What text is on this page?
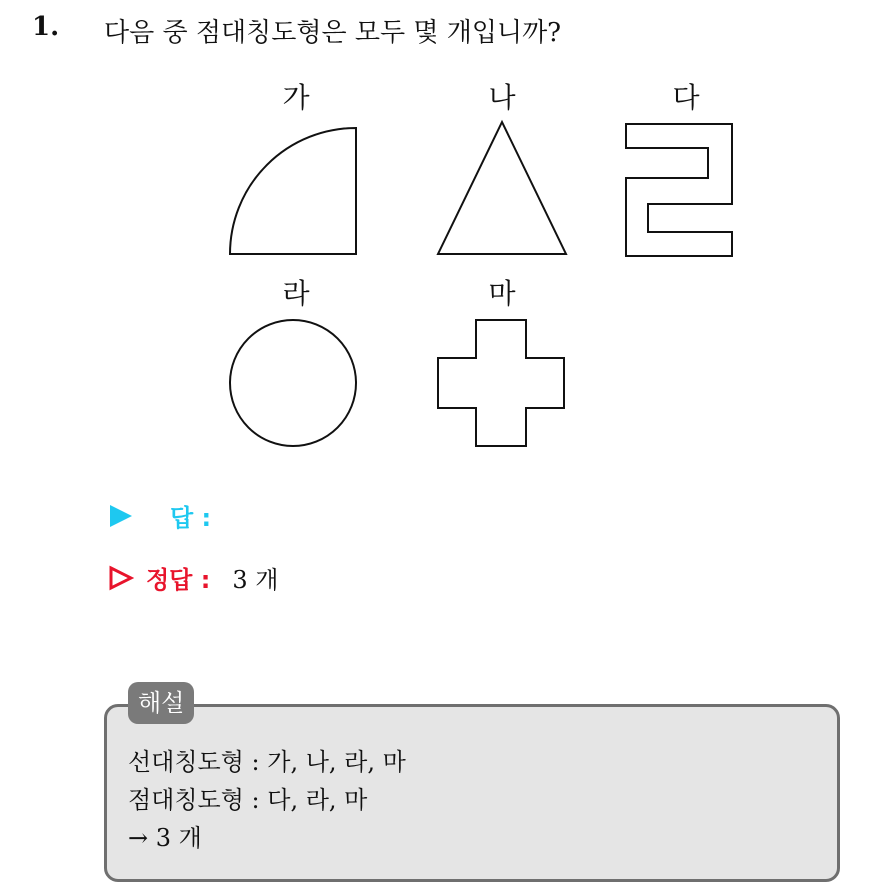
1. 다음 중 점대칭도형은 모두 몇 개입니까?
가	나	다
라	마
답 :
정답 : 3 개
해설
선대칭도형 : 가, 나, 라, 마
점대칭도형 : 다, 라, 마
→ 3 개
